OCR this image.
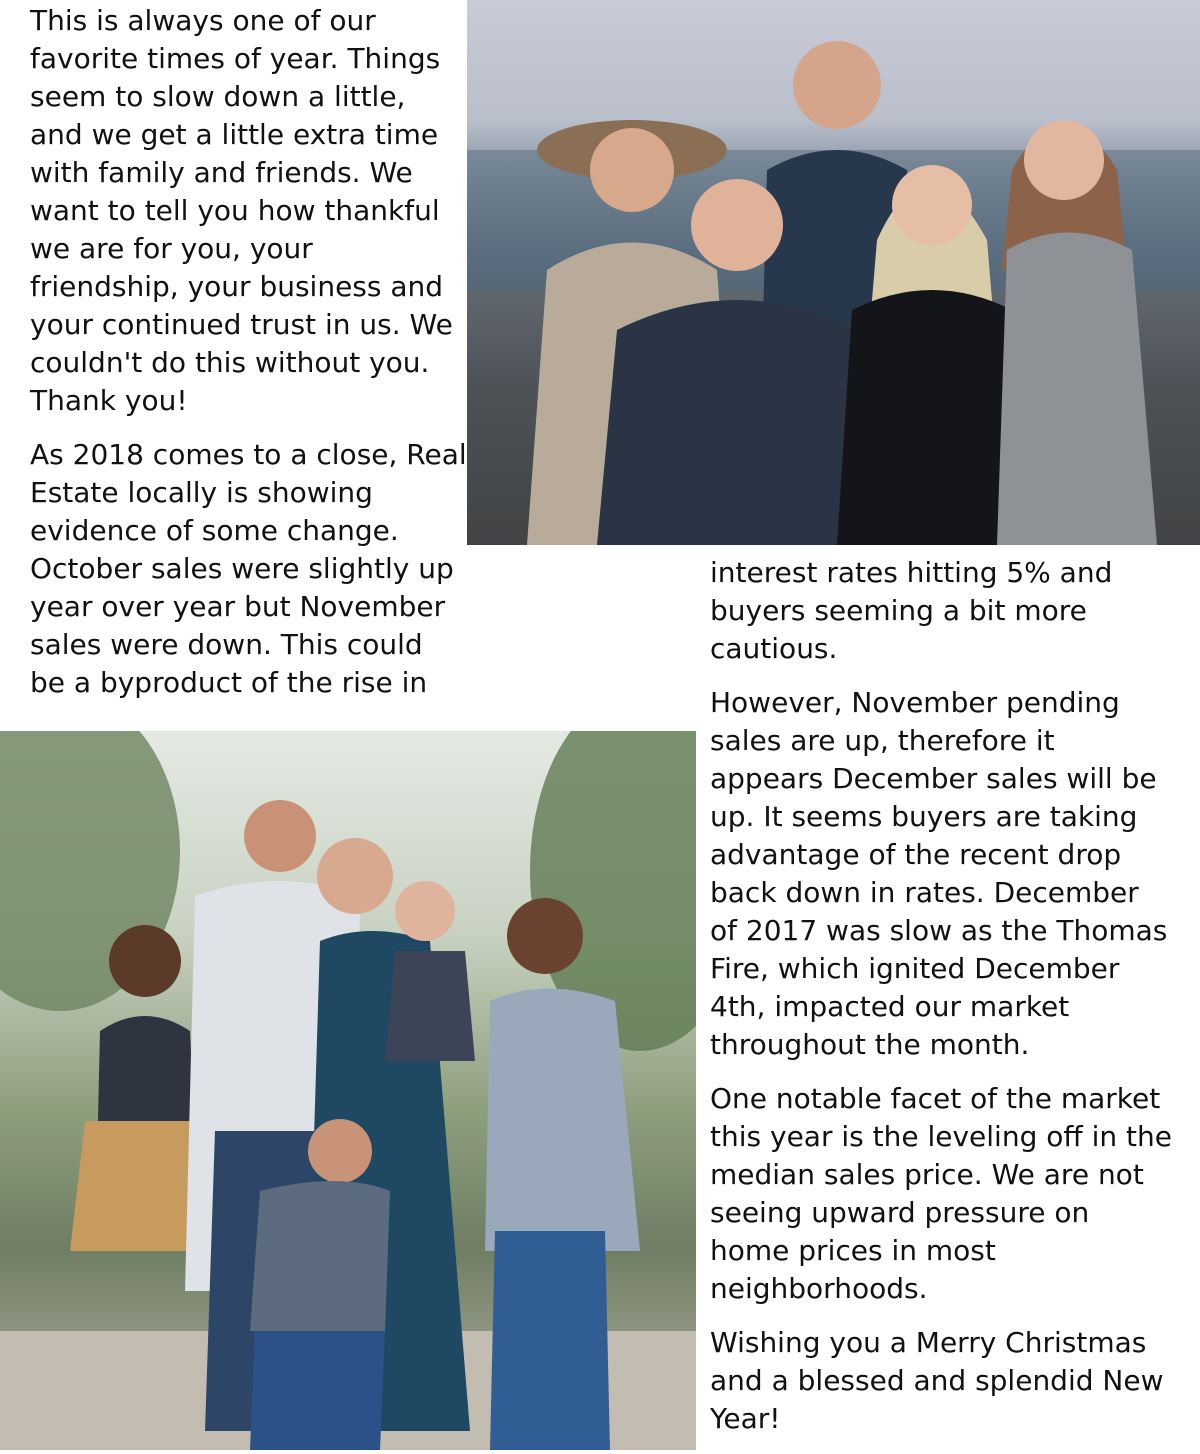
This is always one of our
favorite times of year. Things
seem to slow down a little,
and we get a little extra time
with family and friends. We
want to tell you how thankful
we are for you, your
friendship, your business and
your continued trust in us. We
couldn't do this without you.
Thank you!

As 2018 comes to a close, Real
Estate locally is showing
evidence of some change.
October sales were slightly up
year over year but November
sales were down. This could
be a byproduct of the rise in

interest rates hitting 5% and
buyers seeming a bit more
cautious.

However, November pending
sales are up, therefore it
appears December sales will be
up. It seems buyers are taking
advantage of the recent drop
back down in rates. December
of 2017 was slow as the Thomas
Fire, which ignited December
4th, impacted our market
throughout the month.

One notable facet of the market
this year is the leveling off in the
median sales price. We are not
seeing upward pressure on
home prices in most
neighborhoods.

Wishing you a Merry Christmas
and a blessed and splendid New
Year!
